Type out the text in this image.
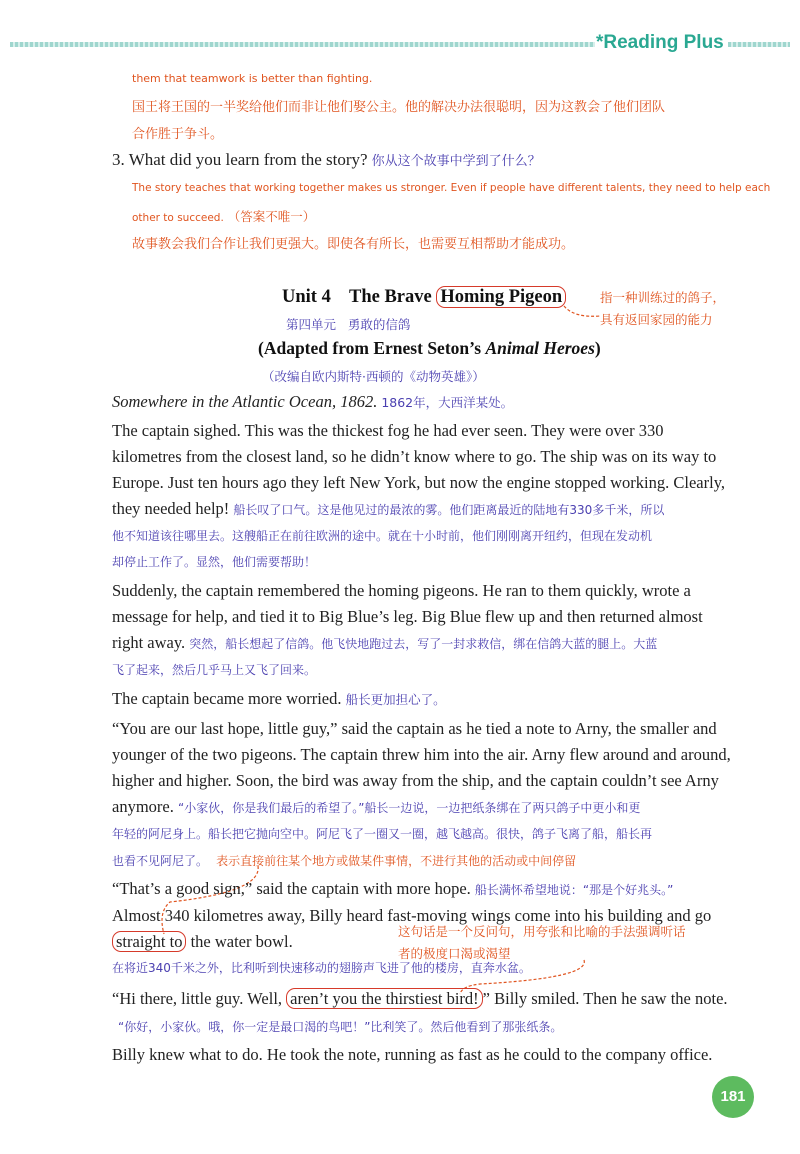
*Reading Plus
them that teamwork is better than fighting.
国王将王国的一半奖给他们而非让他们娶公主。他的解决办法很聪明，因为这教会了他们团队
合作胜于争斗。
3. What did you learn from the story? 你从这个故事中学到了什么？
The story teaches that working together makes us stronger. Even if people have different talents, they need to help each
other to succeed. （答案不唯一）
故事教会我们合作让我们更强大。即使各有所长，也需要互相帮助才能成功。
Unit 4    The Brave Homing Pigeon
第四单元   勇敢的信鸽
指一种训练过的鸽子，
具有返回家园的能力
(Adapted from Ernest Seton’s Animal Heroes)
（改编自欧内斯特·西顿的《动物英雄》）
Somewhere in the Atlantic Ocean, 1862. 1862年，大西洋某处。
The captain sighed. This was the thickest fog he had ever seen. They were over 330
kilometres from the closest land, so he didn’t know where to go. The ship was on its way to
Europe. Just ten hours ago they left New York, but now the engine stopped working. Clearly,
they needed help! 船长叹了口气。这是他见过的最浓的雾。他们距离最近的陆地有330多千米，所以
他不知道该往哪里去。这艘船正在前往欧洲的途中。就在十小时前，他们刚刚离开纽约，但现在发动机
却停止工作了。显然，他们需要帮助！
Suddenly, the captain remembered the homing pigeons. He ran to them quickly, wrote a
message for help, and tied it to Big Blue’s leg. Big Blue flew up and then returned almost
right away. 突然，船长想起了信鸽。他飞快地跑过去，写了一封求救信，绑在信鸽大蓝的腿上。大蓝
飞了起来，然后几乎马上又飞了回来。
The captain became more worried. 船长更加担心了。
“You are our last hope, little guy,” said the captain as he tied a note to Arny, the smaller and
younger of the two pigeons. The captain threw him into the air. Arny flew around and around,
higher and higher. Soon, the bird was away from the ship, and the captain couldn’t see Arny
anymore. “小家伙，你是我们最后的希望了。”船长一边说，一边把纸条绑在了两只鸽子中更小和更
年轻的阿尼身上。船长把它抛向空中。阿尼飞了一圈又一圈，越飞越高。很快，鸽子飞离了船，船长再
也看不见阿尼了。 表示直接前往某个地方或做某件事情，不进行其他的活动或中间停留
“That’s a good sign,” said the captain with more hope. 船长满怀希望地说：“那是个好兆头。”
Almost 340 kilometres away, Billy heard fast-moving wings come into his building and go
straight to the water bowl.
在将近340千米之外，比利听到快速移动的翅膀声飞进了他的楼房，直奔水盆。
这句话是一个反问句，用夸张和比喻的手法强调听话
者的极度口渴或渴望
“Hi there, little guy. Well, aren’t you the thirstiest bird! ” Billy smiled. Then he saw the note.
“你好，小家伙。哦，你一定是最口渴的鸟吧！”比利笑了。然后他看到了那张纸条。
Billy knew what to do. He took the note, running as fast as he could to the company office.
181
